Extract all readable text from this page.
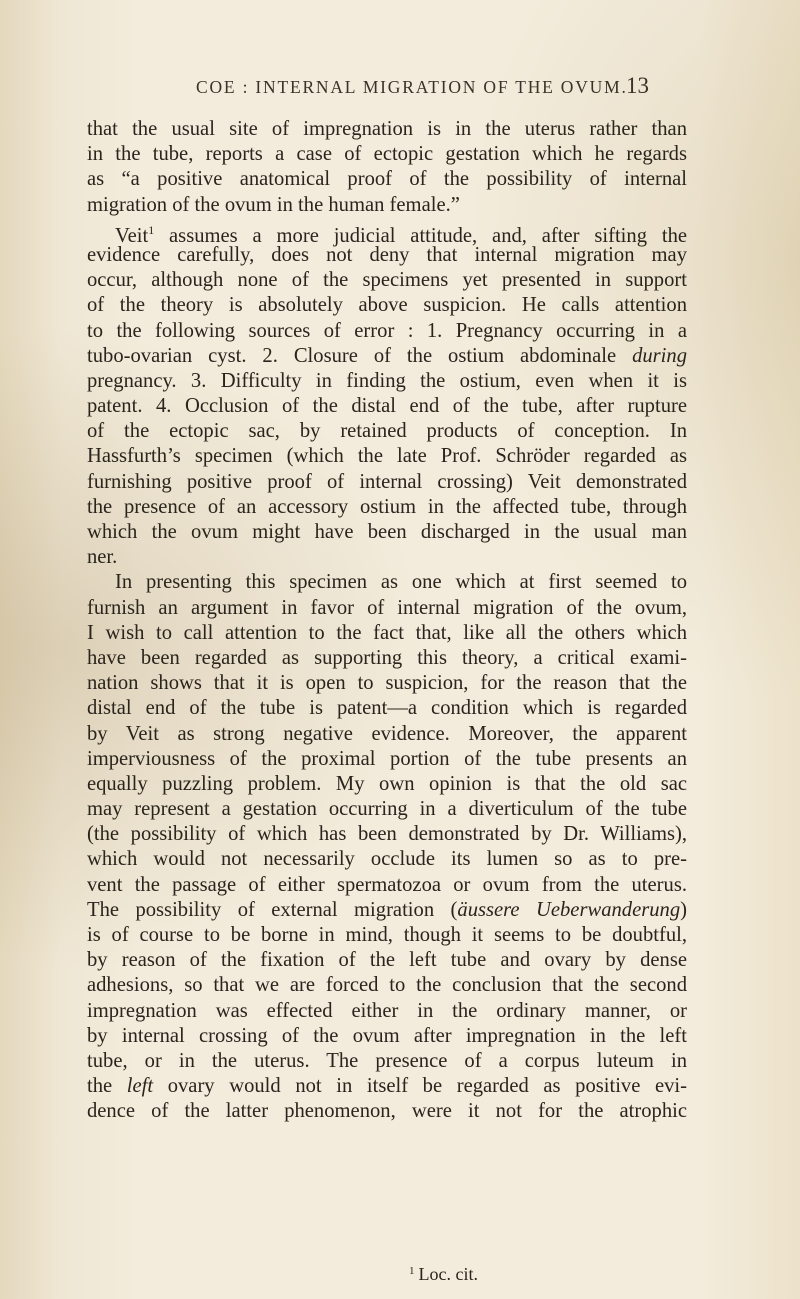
COE : INTERNAL MIGRATION OF THE OVUM.
13
that the usual site of impregnation is in the uterus rather than
in the tube, reports a case of ectopic gestation which he regards
as “a positive anatomical proof of the possibility of internal
migration of the ovum in the human female.”
Veit$^1$ assumes a more judicial attitude, and, after sifting the
evidence carefully, does not deny that internal migration may
occur, although none of the specimens yet presented in support
of the theory is absolutely above suspicion. He calls attention
to the following sources of error : 1. Pregnancy occurring in a
tubo-ovarian cyst. 2. Closure of the ostium abdominale during
pregnancy. 3. Difficulty in finding the ostium, even when it is
patent. 4. Occlusion of the distal end of the tube, after rupture
of the ectopic sac, by retained products of conception. In
Hassfurth’s specimen (which the late Prof. Schröder regarded as
furnishing positive proof of internal crossing) Veit demonstrated
the presence of an accessory ostium in the affected tube, through
which the ovum might have been discharged in the usual man
ner.
In presenting this specimen as one which at first seemed to
furnish an argument in favor of internal migration of the ovum,
I wish to call attention to the fact that, like all the others which
have been regarded as supporting this theory, a critical exami-
nation shows that it is open to suspicion, for the reason that the
distal end of the tube is patent—a condition which is regarded
by Veit as strong negative evidence. Moreover, the apparent
imperviousness of the proximal portion of the tube presents an
equally puzzling problem. My own opinion is that the old sac
may represent a gestation occurring in a diverticulum of the tube
(the possibility of which has been demonstrated by Dr. Williams),
which would not necessarily occlude its lumen so as to pre-
vent the passage of either spermatozoa or ovum from the uterus.
The possibility of external migration (äussere Ueberwanderung)
is of course to be borne in mind, though it seems to be doubtful,
by reason of the fixation of the left tube and ovary by dense
adhesions, so that we are forced to the conclusion that the second
impregnation was effected either in the ordinary manner, or
by internal crossing of the ovum after impregnation in the left
tube, or in the uterus. The presence of a corpus luteum in
the left ovary would not in itself be regarded as positive evi-
dence of the latter phenomenon, were it not for the atrophic
$^1$ Loc. cit.
